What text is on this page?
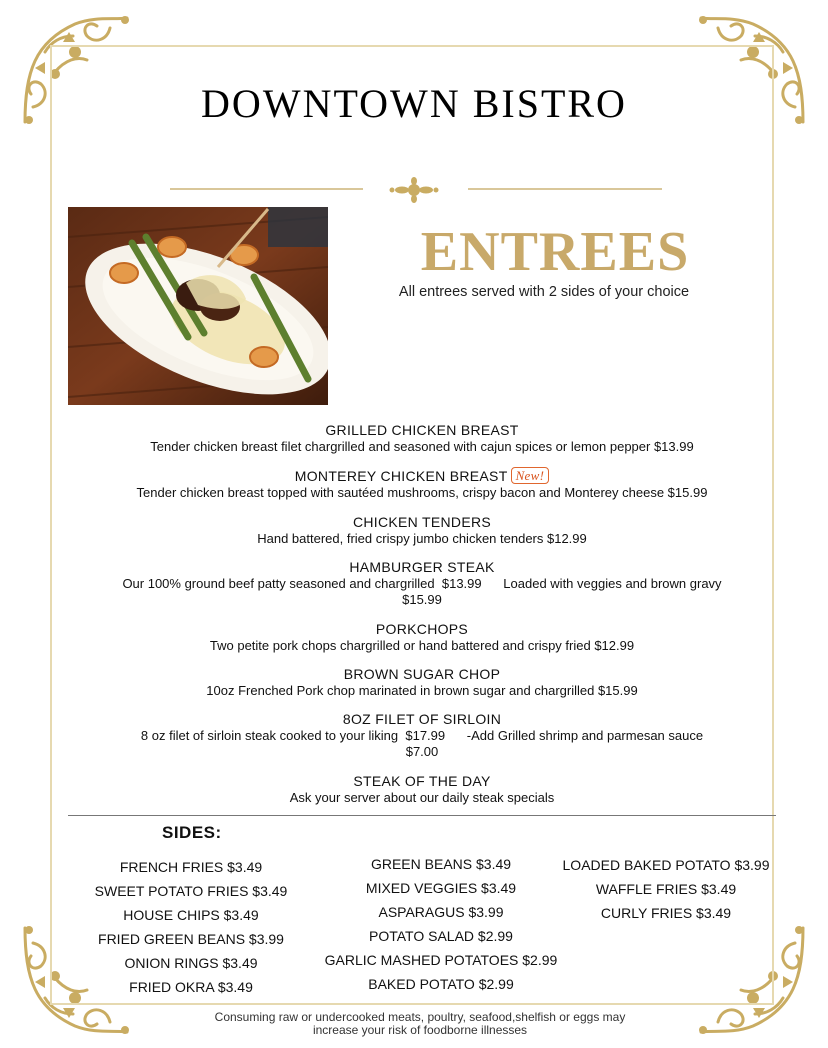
DOWNTOWN BISTRO
ENTREES
All entrees served with 2 sides of your choice
GRILLED CHICKEN BREAST
Tender chicken breast filet chargrilled and seasoned with cajun spices or lemon pepper $13.99
MONTEREY CHICKEN BREAST New!
Tender chicken breast topped with sautéed mushrooms, crispy bacon and Monterey cheese $15.99
CHICKEN TENDERS
Hand battered, fried crispy jumbo chicken tenders $12.99
HAMBURGER STEAK
Our 100% ground beef patty seasoned and chargrilled  $13.99      Loaded with veggies and brown gravy
$15.99
PORKCHOPS
Two petite pork chops chargrilled or hand battered and crispy fried $12.99
BROWN SUGAR CHOP
10oz Frenched Pork chop marinated in brown sugar and chargrilled $15.99
8OZ FILET OF SIRLOIN
8 oz filet of sirloin steak cooked to your liking  $17.99      -Add Grilled shrimp and parmesan sauce
$7.00
STEAK OF THE DAY
Ask your server about our daily steak specials
SIDES:
FRENCH FRIES $3.49
SWEET POTATO FRIES $3.49
HOUSE CHIPS $3.49
FRIED GREEN BEANS $3.99
ONION RINGS $3.49
FRIED OKRA $3.49
GREEN BEANS $3.49
MIXED VEGGIES $3.49
ASPARAGUS $3.99
POTATO SALAD $2.99
GARLIC MASHED POTATOES $2.99
BAKED POTATO $2.99
LOADED BAKED POTATO $3.99
WAFFLE FRIES $3.49
CURLY FRIES $3.49
Consuming raw or undercooked meats, poultry, seafood,shelfish or eggs may
increase your risk of foodborne illnesses
